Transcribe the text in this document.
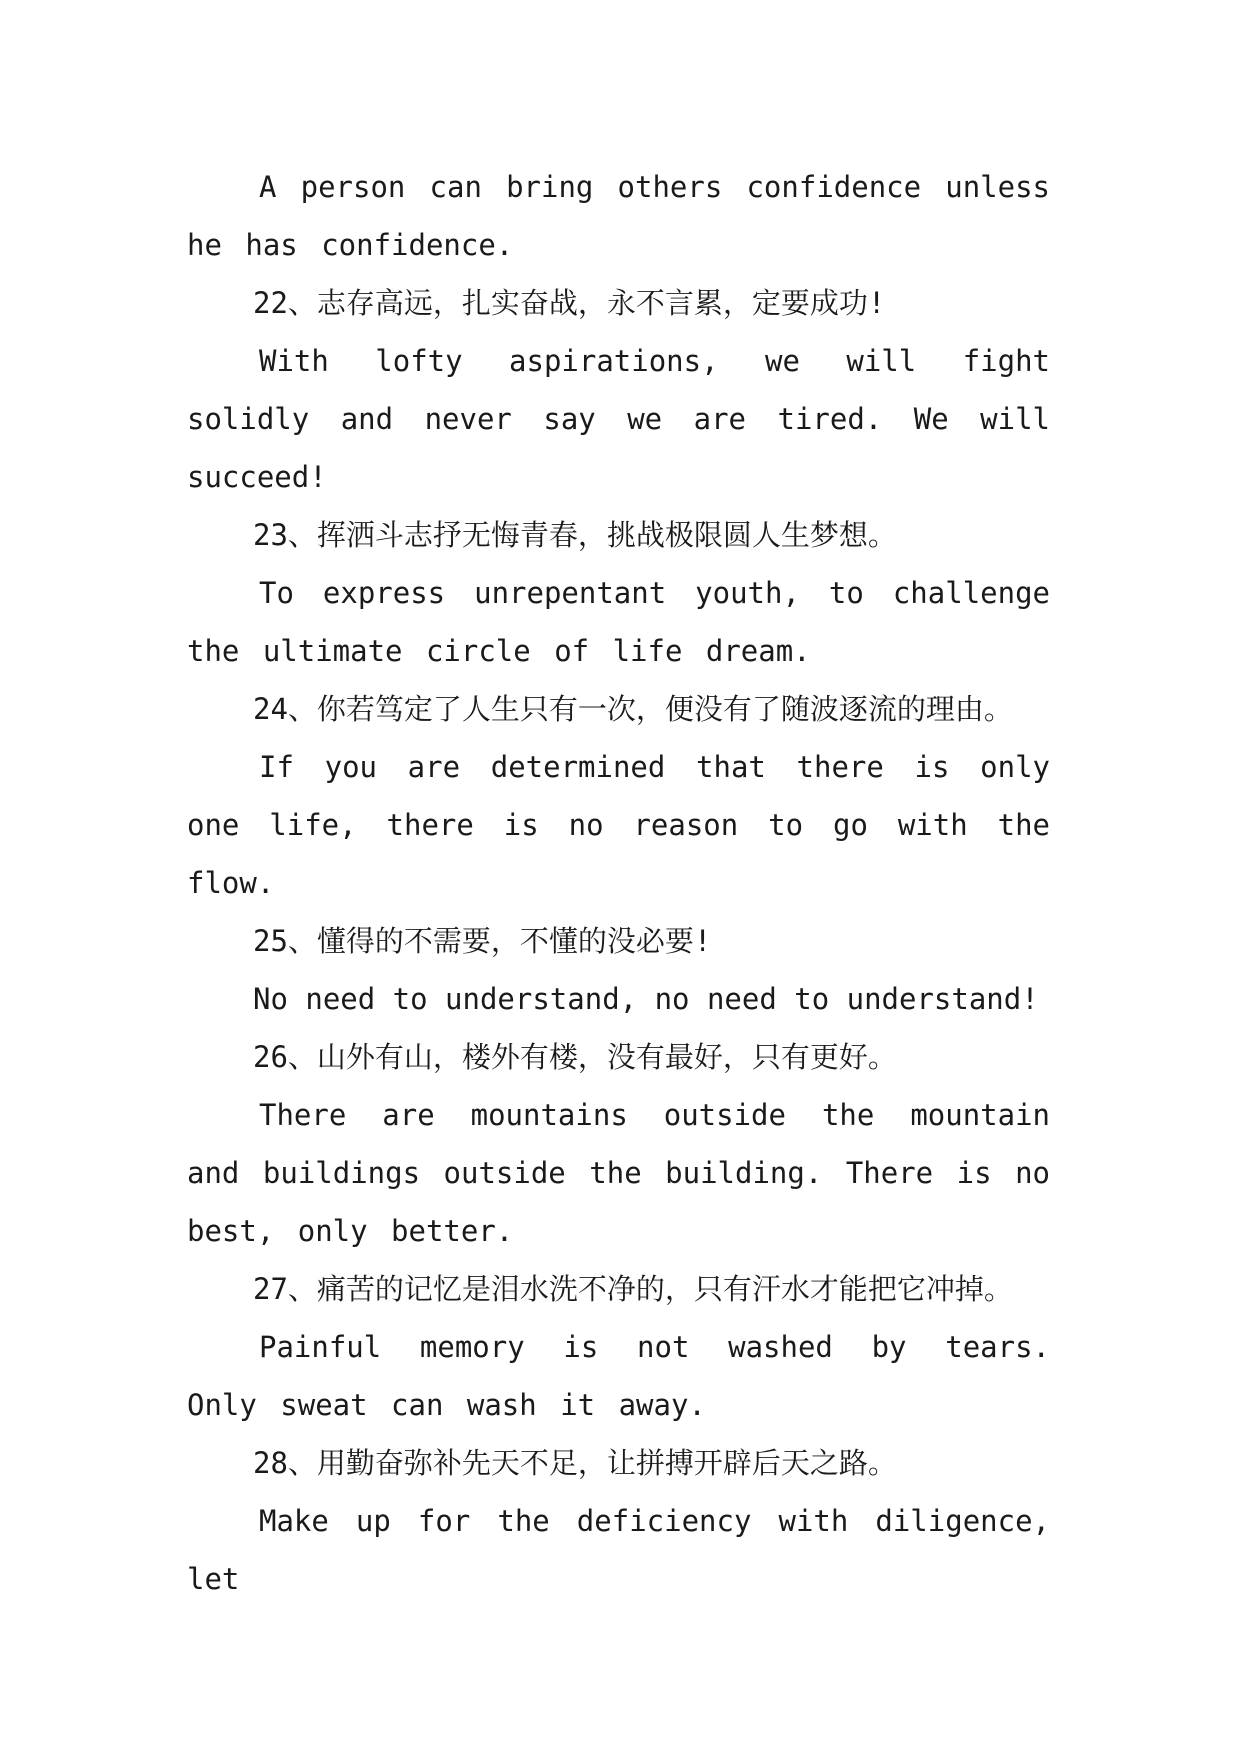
A person can bring others confidence unless he has confidence.

22、志存高远，扎实奋战，永不言累，定要成功!

With lofty aspirations, we will fight solidly and never say we are tired. We will succeed!

23、挥洒斗志抒无悔青春，挑战极限圆人生梦想。

To express unrepentant youth, to challenge the ultimate circle of life dream.

24、你若笃定了人生只有一次，便没有了随波逐流的理由。

If you are determined that there is only one life, there is no reason to go with the flow.

25、懂得的不需要，不懂的没必要!

No need to understand, no need to understand!

26、山外有山，楼外有楼，没有最好，只有更好。

There are mountains outside the mountain and buildings outside the building. There is no best, only better.

27、痛苦的记忆是泪水洗不净的，只有汗水才能把它冲掉。

Painful memory is not washed by tears. Only sweat can wash it away.

28、用勤奋弥补先天不足，让拼搏开辟后天之路。

Make up for the deficiency with diligence, let
